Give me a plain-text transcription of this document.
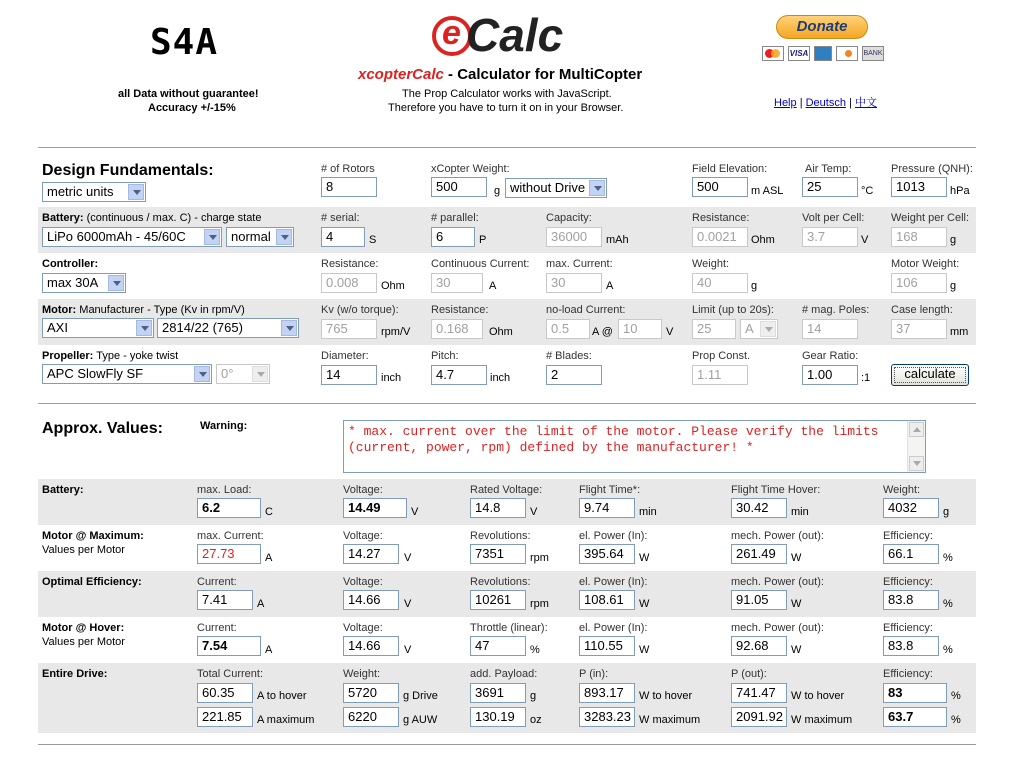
S4A
all Data without guarantee!
Accuracy +/-15%
e Calc
xcopterCalc - Calculator for MultiCopter
The Prop Calculator works with JavaScript.
Therefore you have to turn it on in your Browser.
Donate
VISA	BANK
Help | Deutsch | 中文
Design Fundamentals:
metric units
# of Rotors
8
xCopter Weight:
500	g without Drive
Field Elevation:
500	m ASL
Air Temp:
25	°C
Pressure (QNH):
1013	hPa
Battery: (continuous / max. C) - charge state
LiPo 6000mAh - 45/60C	normal
# serial:
4	S
# parallel:
6	P
Capacity:
36000	mAh
Resistance:
0.0021	Ohm
Volt per Cell:
3.7	V
Weight per Cell:
168	g
Controller:
max 30A
Resistance:
0.008	Ohm
Continuous Current:
30	A
max. Current:
30	A
Weight:
40	g
Motor Weight:
106	g
Motor: Manufacturer - Type (Kv in rpm/V)
AXI	2814/22 (765)
Kv (w/o torque):
765	rpm/V
Resistance:
0.168	Ohm
no-load Current:
0.5	A @ 10	V
Limit (up to 20s):
25	A
# mag. Poles:
14
Case length:
37	mm
Propeller: Type - yoke twist
APC SlowFly SF	0°
Diameter:
14	inch
Pitch:
4.7	inch
# Blades:
2
Prop Const.
1.11
Gear Ratio:
1.00	:1	calculate
Approx. Values:	Warning:	* max. current over the limit of the motor. Please verify the limits (current, power, rpm) defined by the manufacturer! *
Battery:	max. Load:
6.2	C
Voltage:
14.49	V
Rated Voltage:
14.8	V
Flight Time*:
9.74	min
Flight Time Hover:
30.42	min
Weight:
4032	g
Motor @ Maximum:
Values per Motor
max. Current:
27.73	A
Voltage:
14.27	V
Revolutions:
7351	rpm
el. Power (In):
395.64	W
mech. Power (out):
261.49	W
Efficiency:
66.1	%
Optimal Efficiency:	Current:
7.41	A
Voltage:
14.66	V
Revolutions:
10261	rpm
el. Power (In):
108.61	W
mech. Power (out):
91.05	W
Efficiency:
83.8	%
Motor @ Hover:
Values per Motor
Current:
7.54	A
Voltage:
14.66	V
Throttle (linear):
47	%
el. Power (In):
110.55	W
mech. Power (out):
92.68	W
Efficiency:
83.8	%
Entire Drive:	Total Current:
60.35	A to hover
221.85	A maximum
Weight:
5720	g Drive
6220	g AUW
add. Payload:
3691	g
130.19	oz
P (in):
893.17	W to hover
3283.23 W maximum
P (out):
741.47	W to hover
2091.92 W maximum
Efficiency:
83	%
63.7	%
